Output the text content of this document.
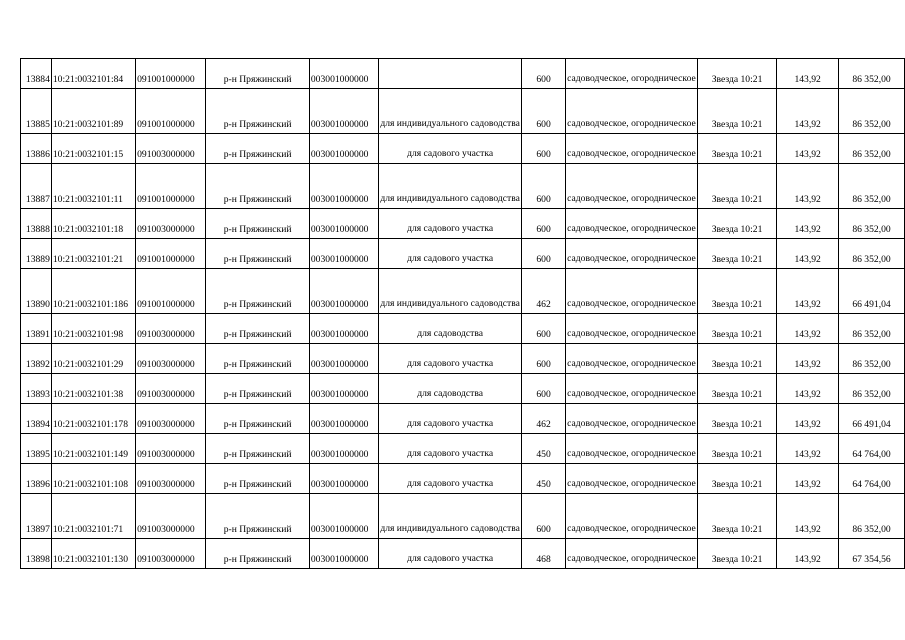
13884	10:21:0032101:84	091001000000	р-н Пряжинский	003001000000		600	садоводческое, огородническое	Звезда 10:21	143,92	86 352,00
13885	10:21:0032101:89	091001000000	р-н Пряжинский	003001000000	для индивидуального садоводства	600	садоводческое, огородническое	Звезда 10:21	143,92	86 352,00
13886	10:21:0032101:15	091003000000	р-н Пряжинский	003001000000	для садового участка	600	садоводческое, огородническое	Звезда 10:21	143,92	86 352,00
13887	10:21:0032101:11	091001000000	р-н Пряжинский	003001000000	для индивидуального садоводства	600	садоводческое, огородническое	Звезда 10:21	143,92	86 352,00
13888	10:21:0032101:18	091003000000	р-н Пряжинский	003001000000	для садового участка	600	садоводческое, огородническое	Звезда 10:21	143,92	86 352,00
13889	10:21:0032101:21	091001000000	р-н Пряжинский	003001000000	для садового участка	600	садоводческое, огородническое	Звезда 10:21	143,92	86 352,00
13890	10:21:0032101:186	091001000000	р-н Пряжинский	003001000000	для индивидуального садоводства	462	садоводческое, огородническое	Звезда 10:21	143,92	66 491,04
13891	10:21:0032101:98	091003000000	р-н Пряжинский	003001000000	для садоводства	600	садоводческое, огородническое	Звезда 10:21	143,92	86 352,00
13892	10:21:0032101:29	091003000000	р-н Пряжинский	003001000000	для садового участка	600	садоводческое, огородническое	Звезда 10:21	143,92	86 352,00
13893	10:21:0032101:38	091003000000	р-н Пряжинский	003001000000	для садоводства	600	садоводческое, огородническое	Звезда 10:21	143,92	86 352,00
13894	10:21:0032101:178	091003000000	р-н Пряжинский	003001000000	для садового участка	462	садоводческое, огородническое	Звезда 10:21	143,92	66 491,04
13895	10:21:0032101:149	091003000000	р-н Пряжинский	003001000000	для садового участка	450	садоводческое, огородническое	Звезда 10:21	143,92	64 764,00
13896	10:21:0032101:108	091003000000	р-н Пряжинский	003001000000	для садового участка	450	садоводческое, огородническое	Звезда 10:21	143,92	64 764,00
13897	10:21:0032101:71	091003000000	р-н Пряжинский	003001000000	для индивидуального садоводства	600	садоводческое, огородническое	Звезда 10:21	143,92	86 352,00
13898	10:21:0032101:130	091003000000	р-н Пряжинский	003001000000	для садового участка	468	садоводческое, огородническое	Звезда 10:21	143,92	67 354,56
